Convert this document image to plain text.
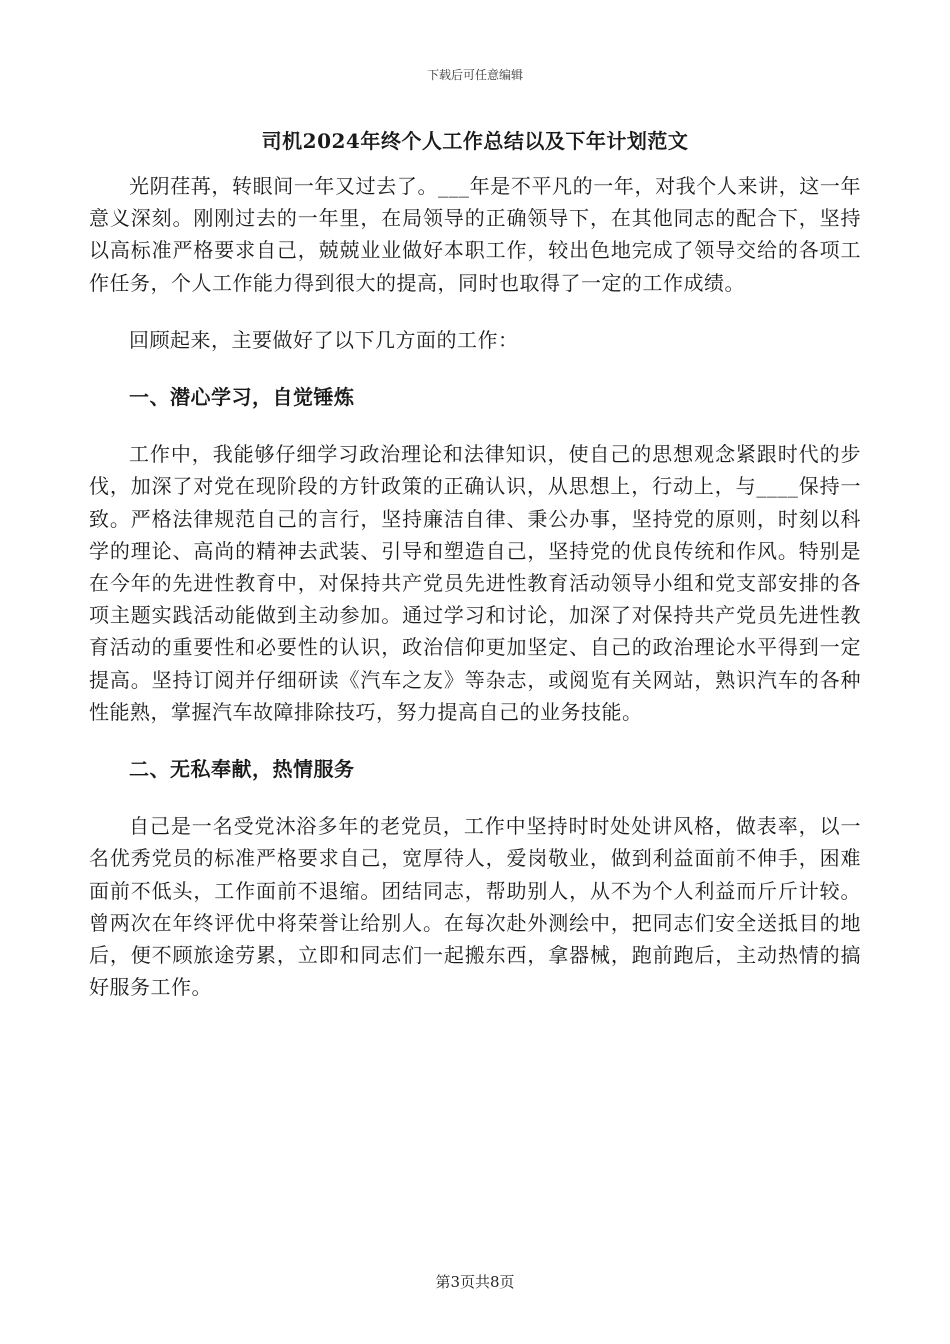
下载后可任意编辑
司机2024年终个人工作总结以及下年计划范文

光阴荏苒，转眼间一年又过去了。___年是不平凡的一年，对我个人来讲，这一年意义深刻。刚刚过去的一年里，在局领导的正确领导下，在其他同志的配合下，坚持以高标准严格要求自己，兢兢业业做好本职工作，较出色地完成了领导交给的各项工作任务，个人工作能力得到很大的提高，同时也取得了一定的工作成绩。

回顾起来，主要做好了以下几方面的工作：

一、潜心学习，自觉锤炼

工作中，我能够仔细学习政治理论和法律知识，使自己的思想观念紧跟时代的步伐，加深了对党在现阶段的方针政策的正确认识，从思想上，行动上，与____保持一致。严格法律规范自己的言行，坚持廉洁自律、秉公办事，坚持党的原则，时刻以科学的理论、高尚的精神去武装、引导和塑造自己，坚持党的优良传统和作风。特别是在今年的先进性教育中，对保持共产党员先进性教育活动领导小组和党支部安排的各项主题实践活动能做到主动参加。通过学习和讨论，加深了对保持共产党员先进性教育活动的重要性和必要性的认识，政治信仰更加坚定、自己的政治理论水平得到一定提高。坚持订阅并仔细研读《汽车之友》等杂志，或阅览有关网站，熟识汽车的各种性能熟，掌握汽车故障排除技巧，努力提高自己的业务技能。

二、无私奉献，热情服务

自己是一名受党沐浴多年的老党员，工作中坚持时时处处讲风格，做表率，以一名优秀党员的标准严格要求自己，宽厚待人，爱岗敬业，做到利益面前不伸手，困难面前不低头，工作面前不退缩。团结同志，帮助别人，从不为个人利益而斤斤计较。曾两次在年终评优中将荣誉让给别人。在每次赴外测绘中，把同志们安全送抵目的地后，便不顾旅途劳累，立即和同志们一起搬东西，拿器械，跑前跑后，主动热情的搞好服务工作。

第3页共8页
